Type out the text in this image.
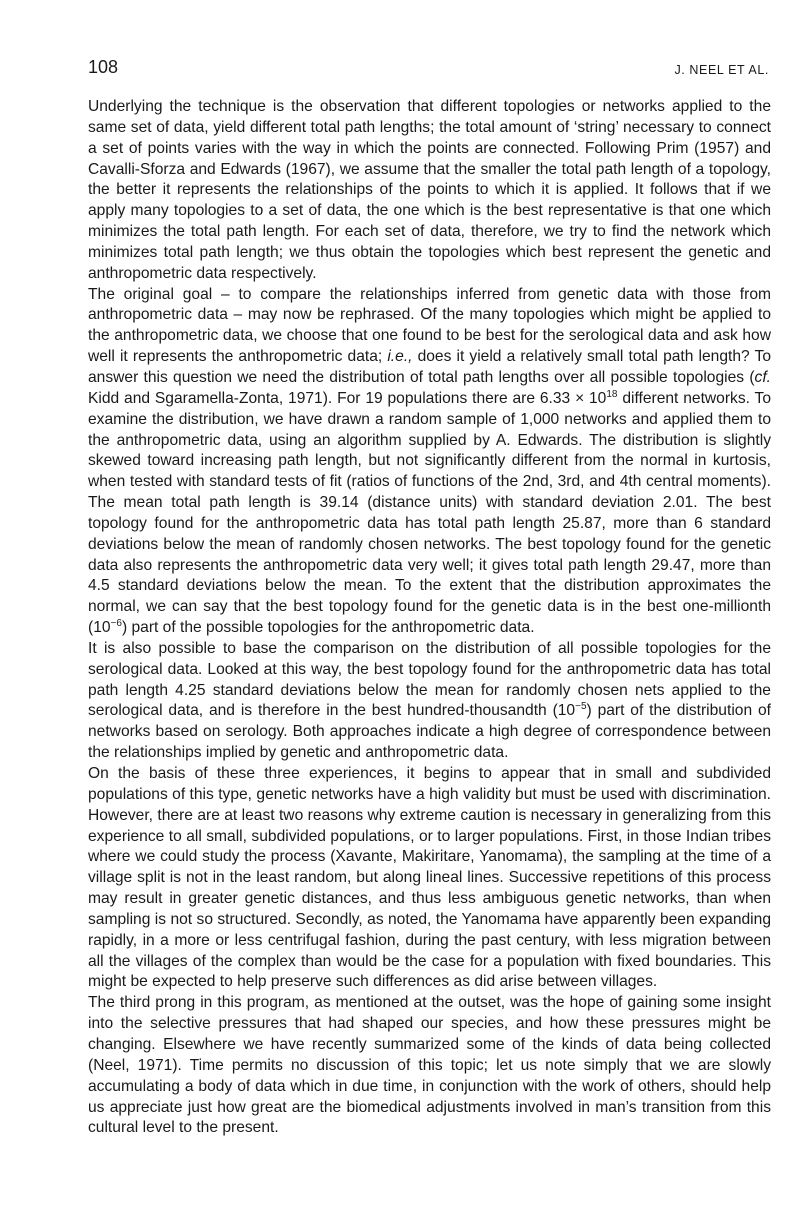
108	J. NEEL ET AL.

Underlying the technique is the observation that different topologies or networks applied to the same set of data, yield different total path lengths; the total amount of ‘string’ necessary to connect a set of points varies with the way in which the points are connected. Following Prim (1957) and Cavalli-Sforza and Edwards (1967), we assume that the smaller the total path length of a topology, the better it represents the relationships of the points to which it is applied. It follows that if we apply many topologies to a set of data, the one which is the best representative is that one which minimizes the total path length. For each set of data, therefore, we try to find the network which minimizes total path length; we thus obtain the topologies which best represent the genetic and anthropometric data respectively.

The original goal – to compare the relationships inferred from genetic data with those from anthropometric data – may now be rephrased. Of the many topologies which might be applied to the anthropometric data, we choose that one found to be best for the serological data and ask how well it represents the anthropometric data; i.e., does it yield a relatively small total path length? To answer this question we need the distribution of total path lengths over all possible topologies (cf. Kidd and Sgaramella-Zonta, 1971). For 19 populations there are $6.33 \times 10^{18}$ different networks. To examine the distribution, we have drawn a random sample of 1,000 networks and applied them to the anthropometric data, using an algorithm supplied by A. Edwards. The distribution is slightly skewed toward increasing path length, but not significantly different from the normal in kurtosis, when tested with standard tests of fit (ratios of functions of the 2nd, 3rd, and 4th central moments). The mean total path length is 39.14 (distance units) with standard deviation 2.01. The best topology found for the anthropometric data has total path length 25.87, more than 6 standard deviations below the mean of randomly chosen networks. The best topology found for the genetic data also represents the anthropometric data very well; it gives total path length 29.47, more than 4.5 standard deviations below the mean. To the extent that the distribution approximates the normal, we can say that the best topology found for the genetic data is in the best one-millionth $(10^{-6})$ part of the possible topologies for the anthropometric data.

It is also possible to base the comparison on the distribution of all possible topologies for the serological data. Looked at this way, the best topology found for the anthropometric data has total path length 4.25 standard deviations below the mean for randomly chosen nets applied to the serological data, and is therefore in the best hundred-thousandth $(10^{-5})$ part of the distribution of networks based on serology. Both approaches indicate a high degree of correspondence between the relationships implied by genetic and anthropometric data.

On the basis of these three experiences, it begins to appear that in small and subdivided populations of this type, genetic networks have a high validity but must be used with discrimination. However, there are at least two reasons why extreme caution is necessary in generalizing from this experience to all small, subdivided populations, or to larger populations. First, in those Indian tribes where we could study the process (Xavante, Makiritare, Yanomama), the sampling at the time of a village split is not in the least random, but along lineal lines. Successive repetitions of this process may result in greater genetic distances, and thus less ambiguous genetic networks, than when sampling is not so structured. Secondly, as noted, the Yanomama have apparently been expanding rapidly, in a more or less centrifugal fashion, during the past century, with less migration between all the villages of the complex than would be the case for a population with fixed boundaries. This might be expected to help preserve such differences as did arise between villages.

The third prong in this program, as mentioned at the outset, was the hope of gaining some insight into the selective pressures that had shaped our species, and how these pressures might be changing. Elsewhere we have recently summarized some of the kinds of data being collected (Neel, 1971). Time permits no discussion of this topic; let us note simply that we are slowly accumulating a body of data which in due time, in conjunction with the work of others, should help us appreciate just how great are the biomedical adjustments involved in man’s transition from this cultural level to the present.
